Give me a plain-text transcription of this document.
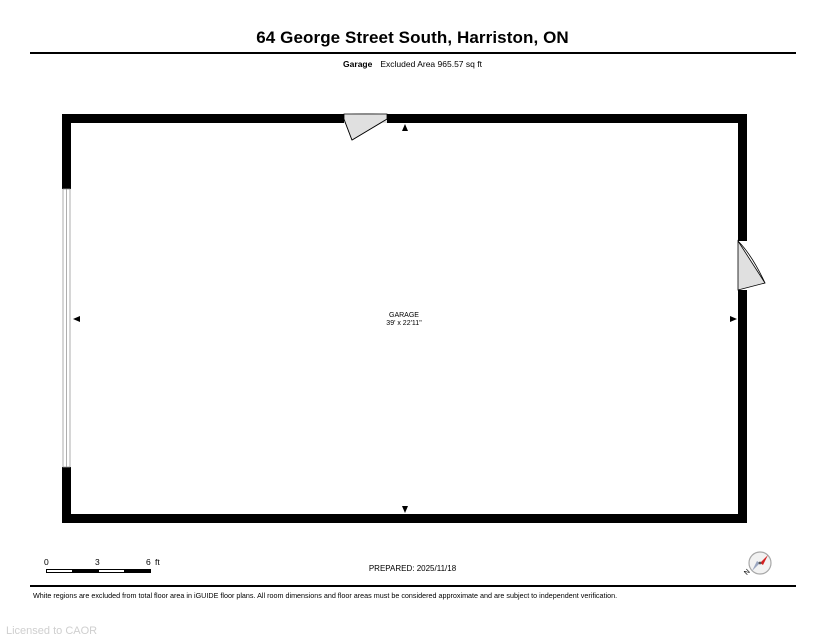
64 George Street South, Harriston, ON
Garage Excluded Area 965.57 sq ft
GARAGE
39' x 22'11"
0	3	6 ft
PREPARED: 2025/11/18	N
White regions are excluded from total floor area in iGUIDE floor plans. All room dimensions and floor areas must be considered approximate and are subject to independent verification.
Licensed to CAOR
